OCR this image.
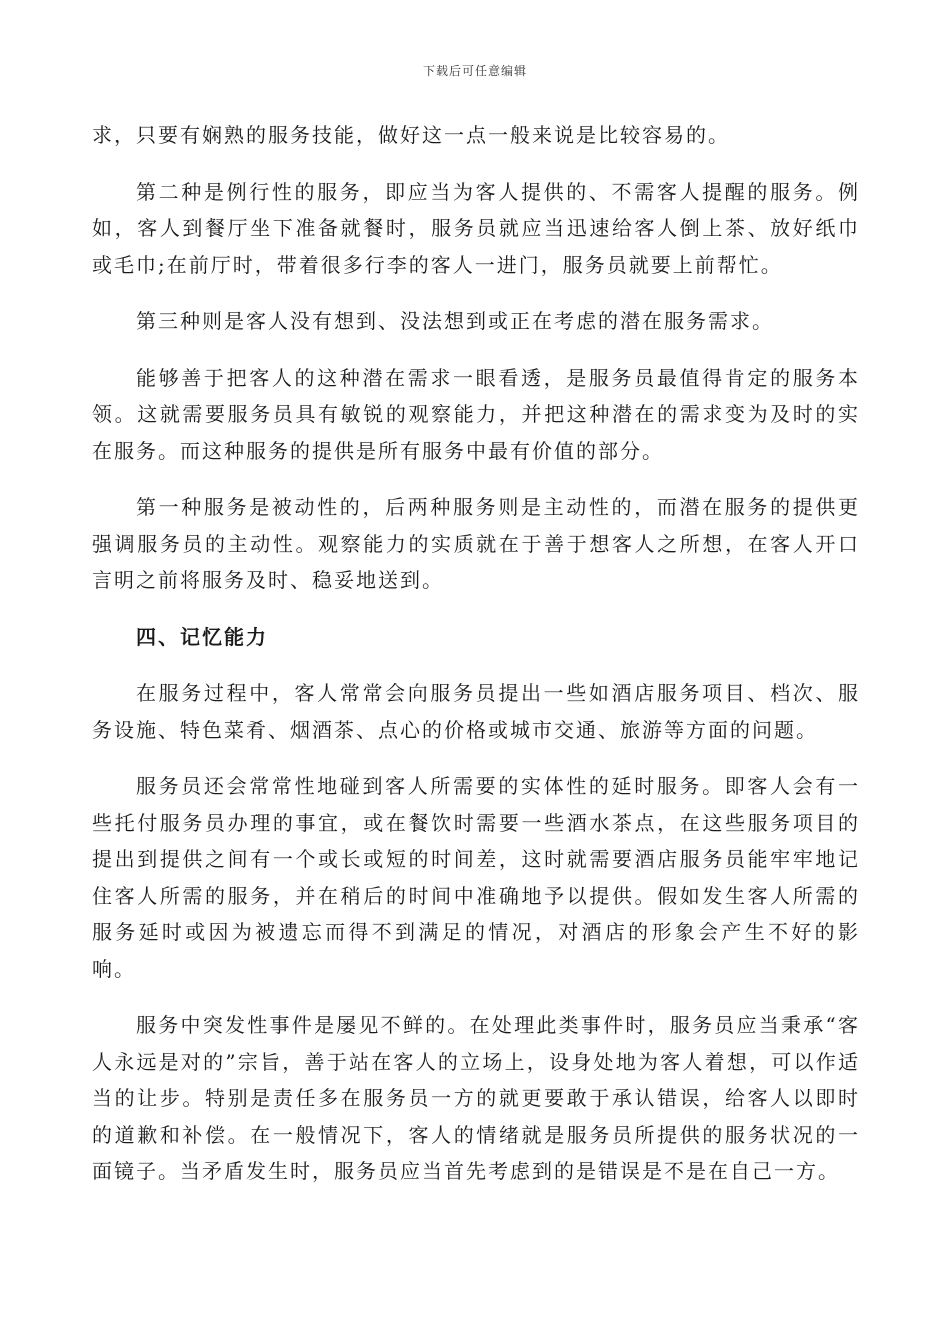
下载后可任意编辑

求，只要有娴熟的服务技能，做好这一点一般来说是比较容易的。

第二种是例行性的服务，即应当为客人提供的、不需客人提醒的服务。例如，客人到餐厅坐下准备就餐时，服务员就应当迅速给客人倒上茶、放好纸巾或毛巾;在前厅时，带着很多行李的客人一进门，服务员就要上前帮忙。

第三种则是客人没有想到、没法想到或正在考虑的潜在服务需求。

能够善于把客人的这种潜在需求一眼看透，是服务员最值得肯定的服务本领。这就需要服务员具有敏锐的观察能力，并把这种潜在的需求变为及时的实在服务。而这种服务的提供是所有服务中最有价值的部分。

第一种服务是被动性的，后两种服务则是主动性的，而潜在服务的提供更强调服务员的主动性。观察能力的实质就在于善于想客人之所想，在客人开口言明之前将服务及时、稳妥地送到。

四、记忆能力

在服务过程中，客人常常会向服务员提出一些如酒店服务项目、档次、服务设施、特色菜肴、烟酒茶、点心的价格或城市交通、旅游等方面的问题。

服务员还会常常性地碰到客人所需要的实体性的延时服务。即客人会有一些托付服务员办理的事宜，或在餐饮时需要一些酒水茶点，在这些服务项目的提出到提供之间有一个或长或短的时间差，这时就需要酒店服务员能牢牢地记住客人所需的服务，并在稍后的时间中准确地予以提供。假如发生客人所需的服务延时或因为被遗忘而得不到满足的情况，对酒店的形象会产生不好的影响。

服务中突发性事件是屡见不鲜的。在处理此类事件时，服务员应当秉承“客人永远是对的”宗旨，善于站在客人的立场上，设身处地为客人着想，可以作适当的让步。特别是责任多在服务员一方的就更要敢于承认错误，给客人以即时的道歉和补偿。在一般情况下，客人的情绪就是服务员所提供的服务状况的一面镜子。当矛盾发生时，服务员应当首先考虑到的是错误是不是在自己一方。
